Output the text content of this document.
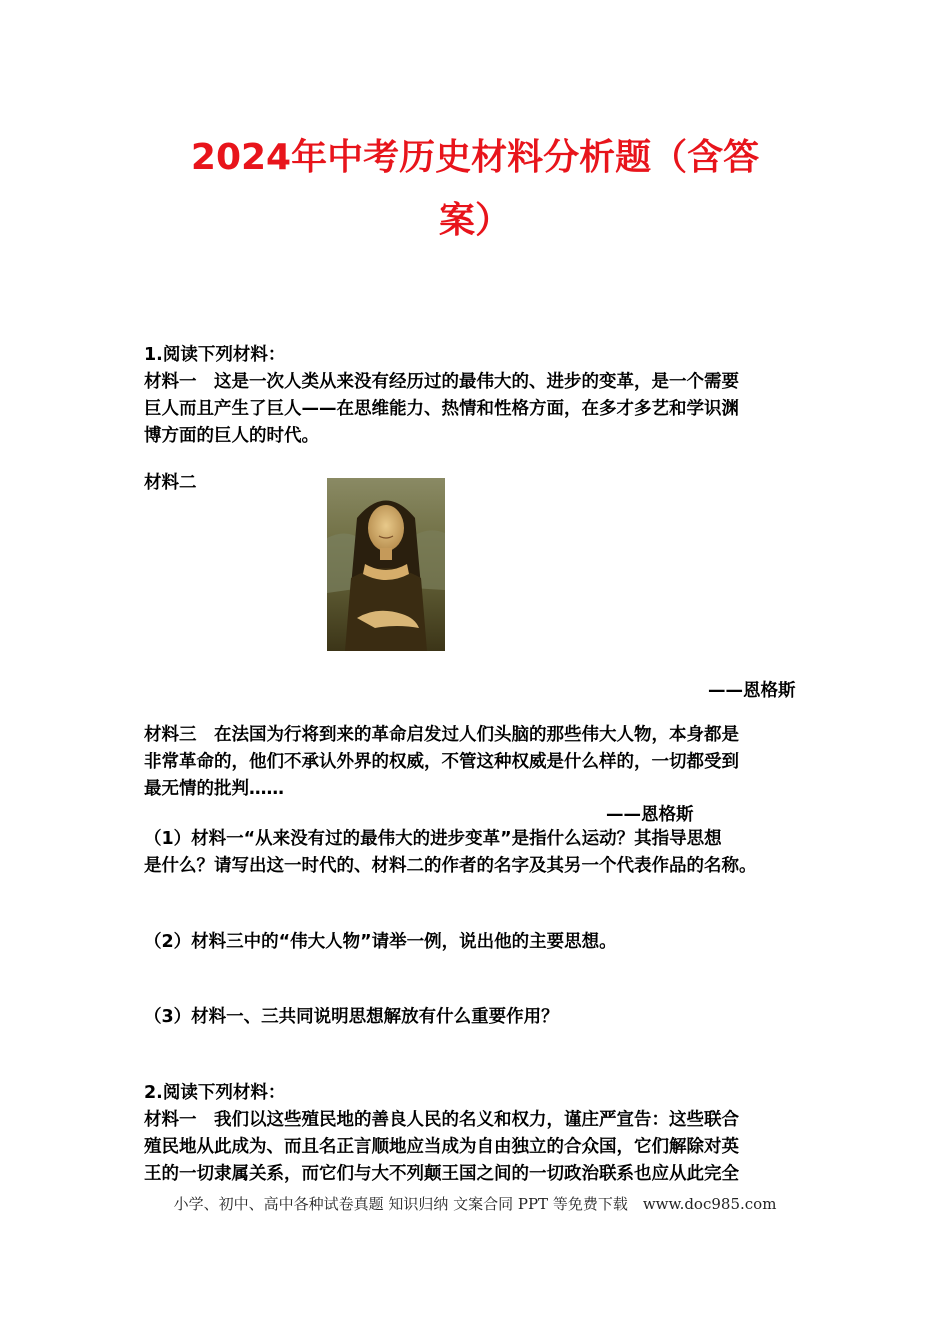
2024年中考历史材料分析题（含答
案）
1.阅读下列材料：
材料一　这是一次人类从来没有经历过的最伟大的、进步的变革，是一个需要
巨人而且产生了巨人——在思维能力、热情和性格方面，在多才多艺和学识渊
博方面的巨人的时代。
材料二
——恩格斯
材料三　在法国为行将到来的革命启发过人们头脑的那些伟大人物，本身都是
非常革命的，他们不承认外界的权威，不管这种权威是什么样的，一切都受到
最无情的批判……
——恩格斯
（1）材料一“从来没有过的最伟大的进步变革”是指什么运动？其指导思想
是什么？请写出这一时代的、材料二的作者的名字及其另一个代表作品的名称。
（2）材料三中的“伟大人物”请举一例，说出他的主要思想。
（3）材料一、三共同说明思想解放有什么重要作用？
2.阅读下列材料：
材料一　我们以这些殖民地的善良人民的名义和权力，谨庄严宣告：这些联合
殖民地从此成为、而且名正言顺地应当成为自由独立的合众国，它们解除对英
王的一切隶属关系，而它们与大不列颠王国之间的一切政治联系也应从此完全
小学、初中、高中各种试卷真题 知识归纳 文案合同 PPT 等免费下载　www.doc985.com
